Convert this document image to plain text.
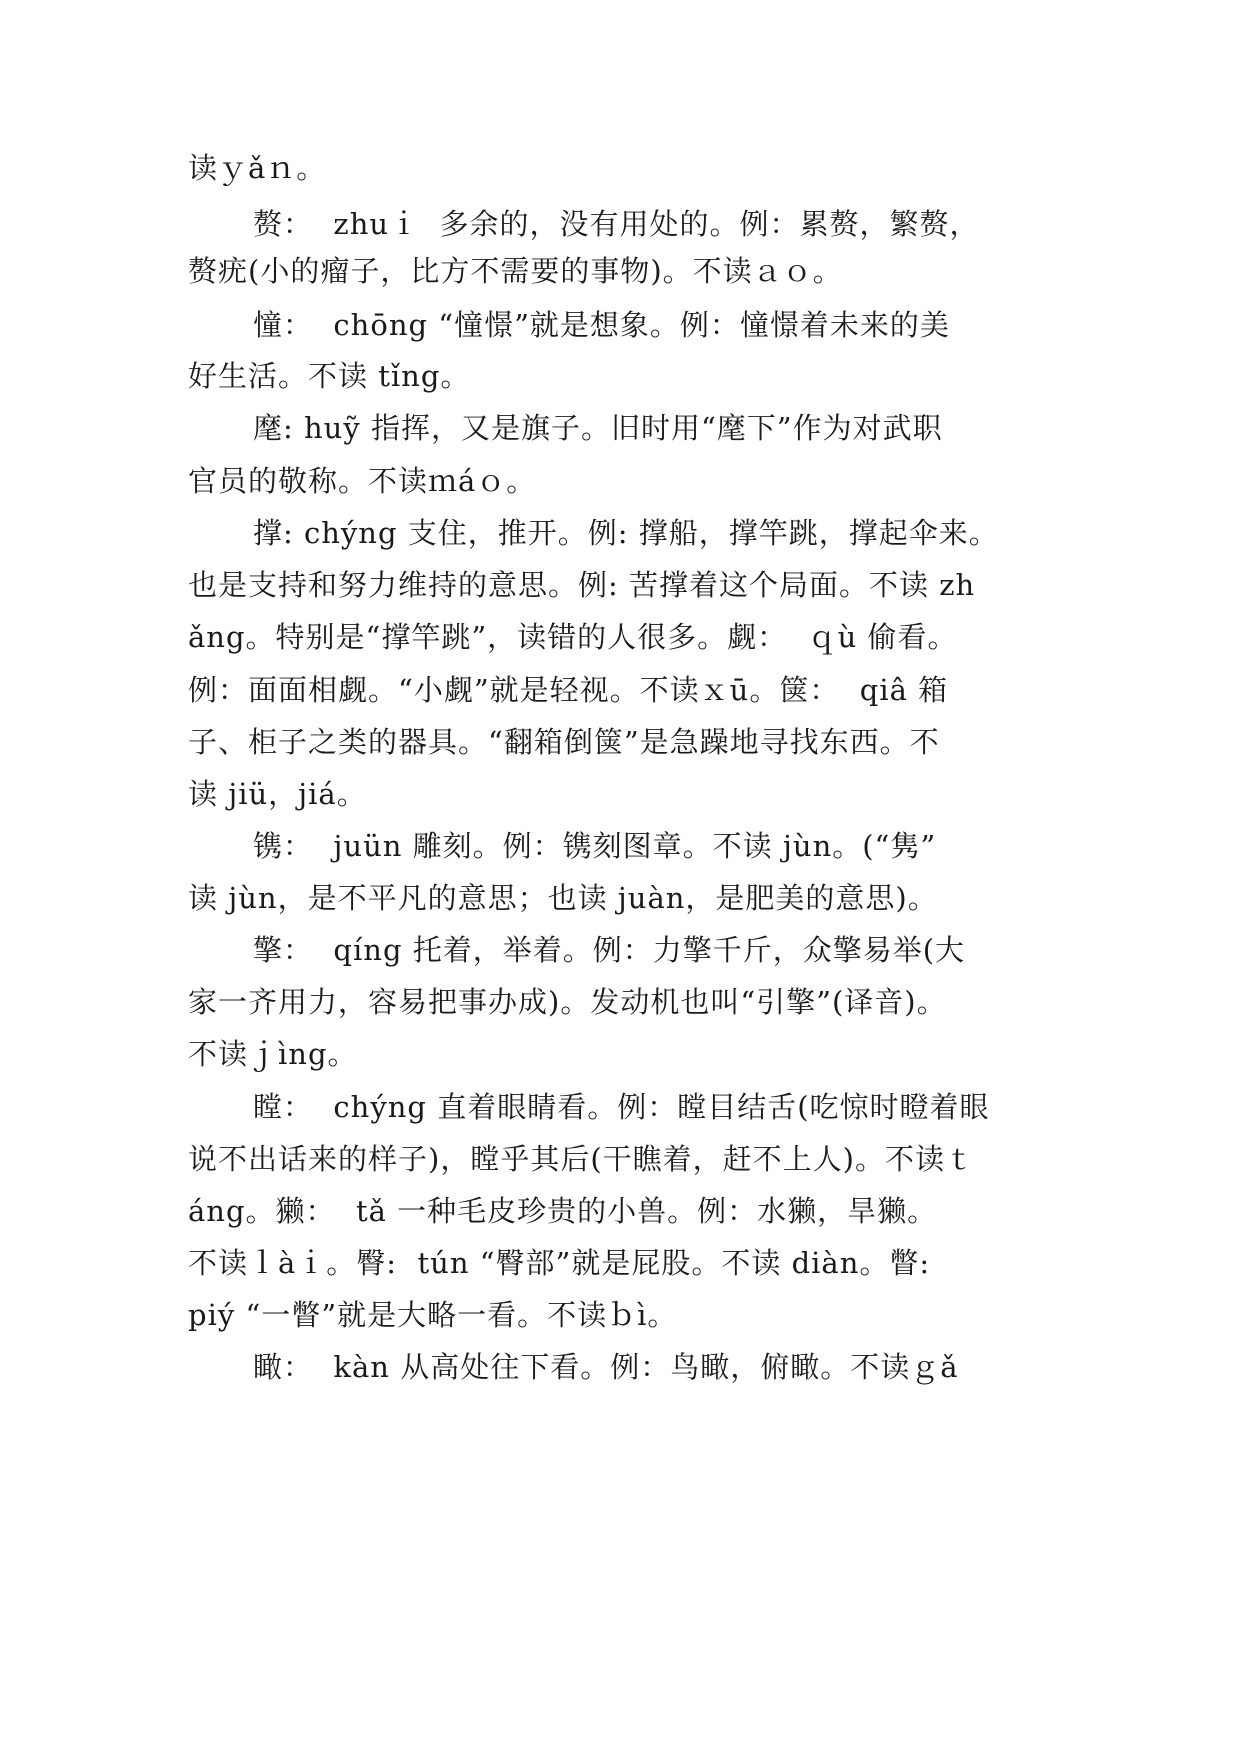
读ｙǎｎ。
赘：  zhuｉ  多余的，没有用处的。例：累赘，繁赘，
赘疣(小的瘤子，比方不需要的事物)。不读ａｏ。
憧：  chōng “憧憬”就是想象。例：憧憬着未来的美
好生活。不读 tǐng。
麾: huỹ 指挥，又是旗子。旧时用“麾下”作为对武职
官员的敬称。不读ｍáｏ。
撑: chýng 支住，推开。例: 撑船，撑竿跳，撑起伞来。
也是支持和努力维持的意思。例: 苦撑着这个局面。不读 zh
ǎng。特别是“撑竿跳”，读错的人很多。觑：  ｑù 偷看。
例：面面相觑。“小觑”就是轻视。不读ｘū。箧：  qiâ 箱
子、柜子之类的器具。“翻箱倒箧”是急躁地寻找东西。不
读 jiü，jiá。
镌：  juün 雕刻。例：镌刻图章。不读 jùn。(“隽”
读 jùn，是不平凡的意思；也读 juàn，是肥美的意思)。
擎：  qíng 托着，举着。例：力擎千斤，众擎易举(大
家一齐用力，容易把事办成)。发动机也叫“引擎”(译音)。
不读ｊìng。
瞠：  chýng 直着眼睛看。例：瞠目结舌(吃惊时瞪着眼
说不出话来的样子)，瞠乎其后(干瞧着，赶不上人)。不读ｔ
áng。獭：  tǎ 一种毛皮珍贵的小兽。例：水獭，旱獭。
不读ｌàｉ。臀:  tún “臀部”就是屁股。不读 diàn。瞥:
piý “一瞥”就是大略一看。不读ｂì。
瞰：  kàn 从高处往下看。例：鸟瞰，俯瞰。不读ｇǎ
